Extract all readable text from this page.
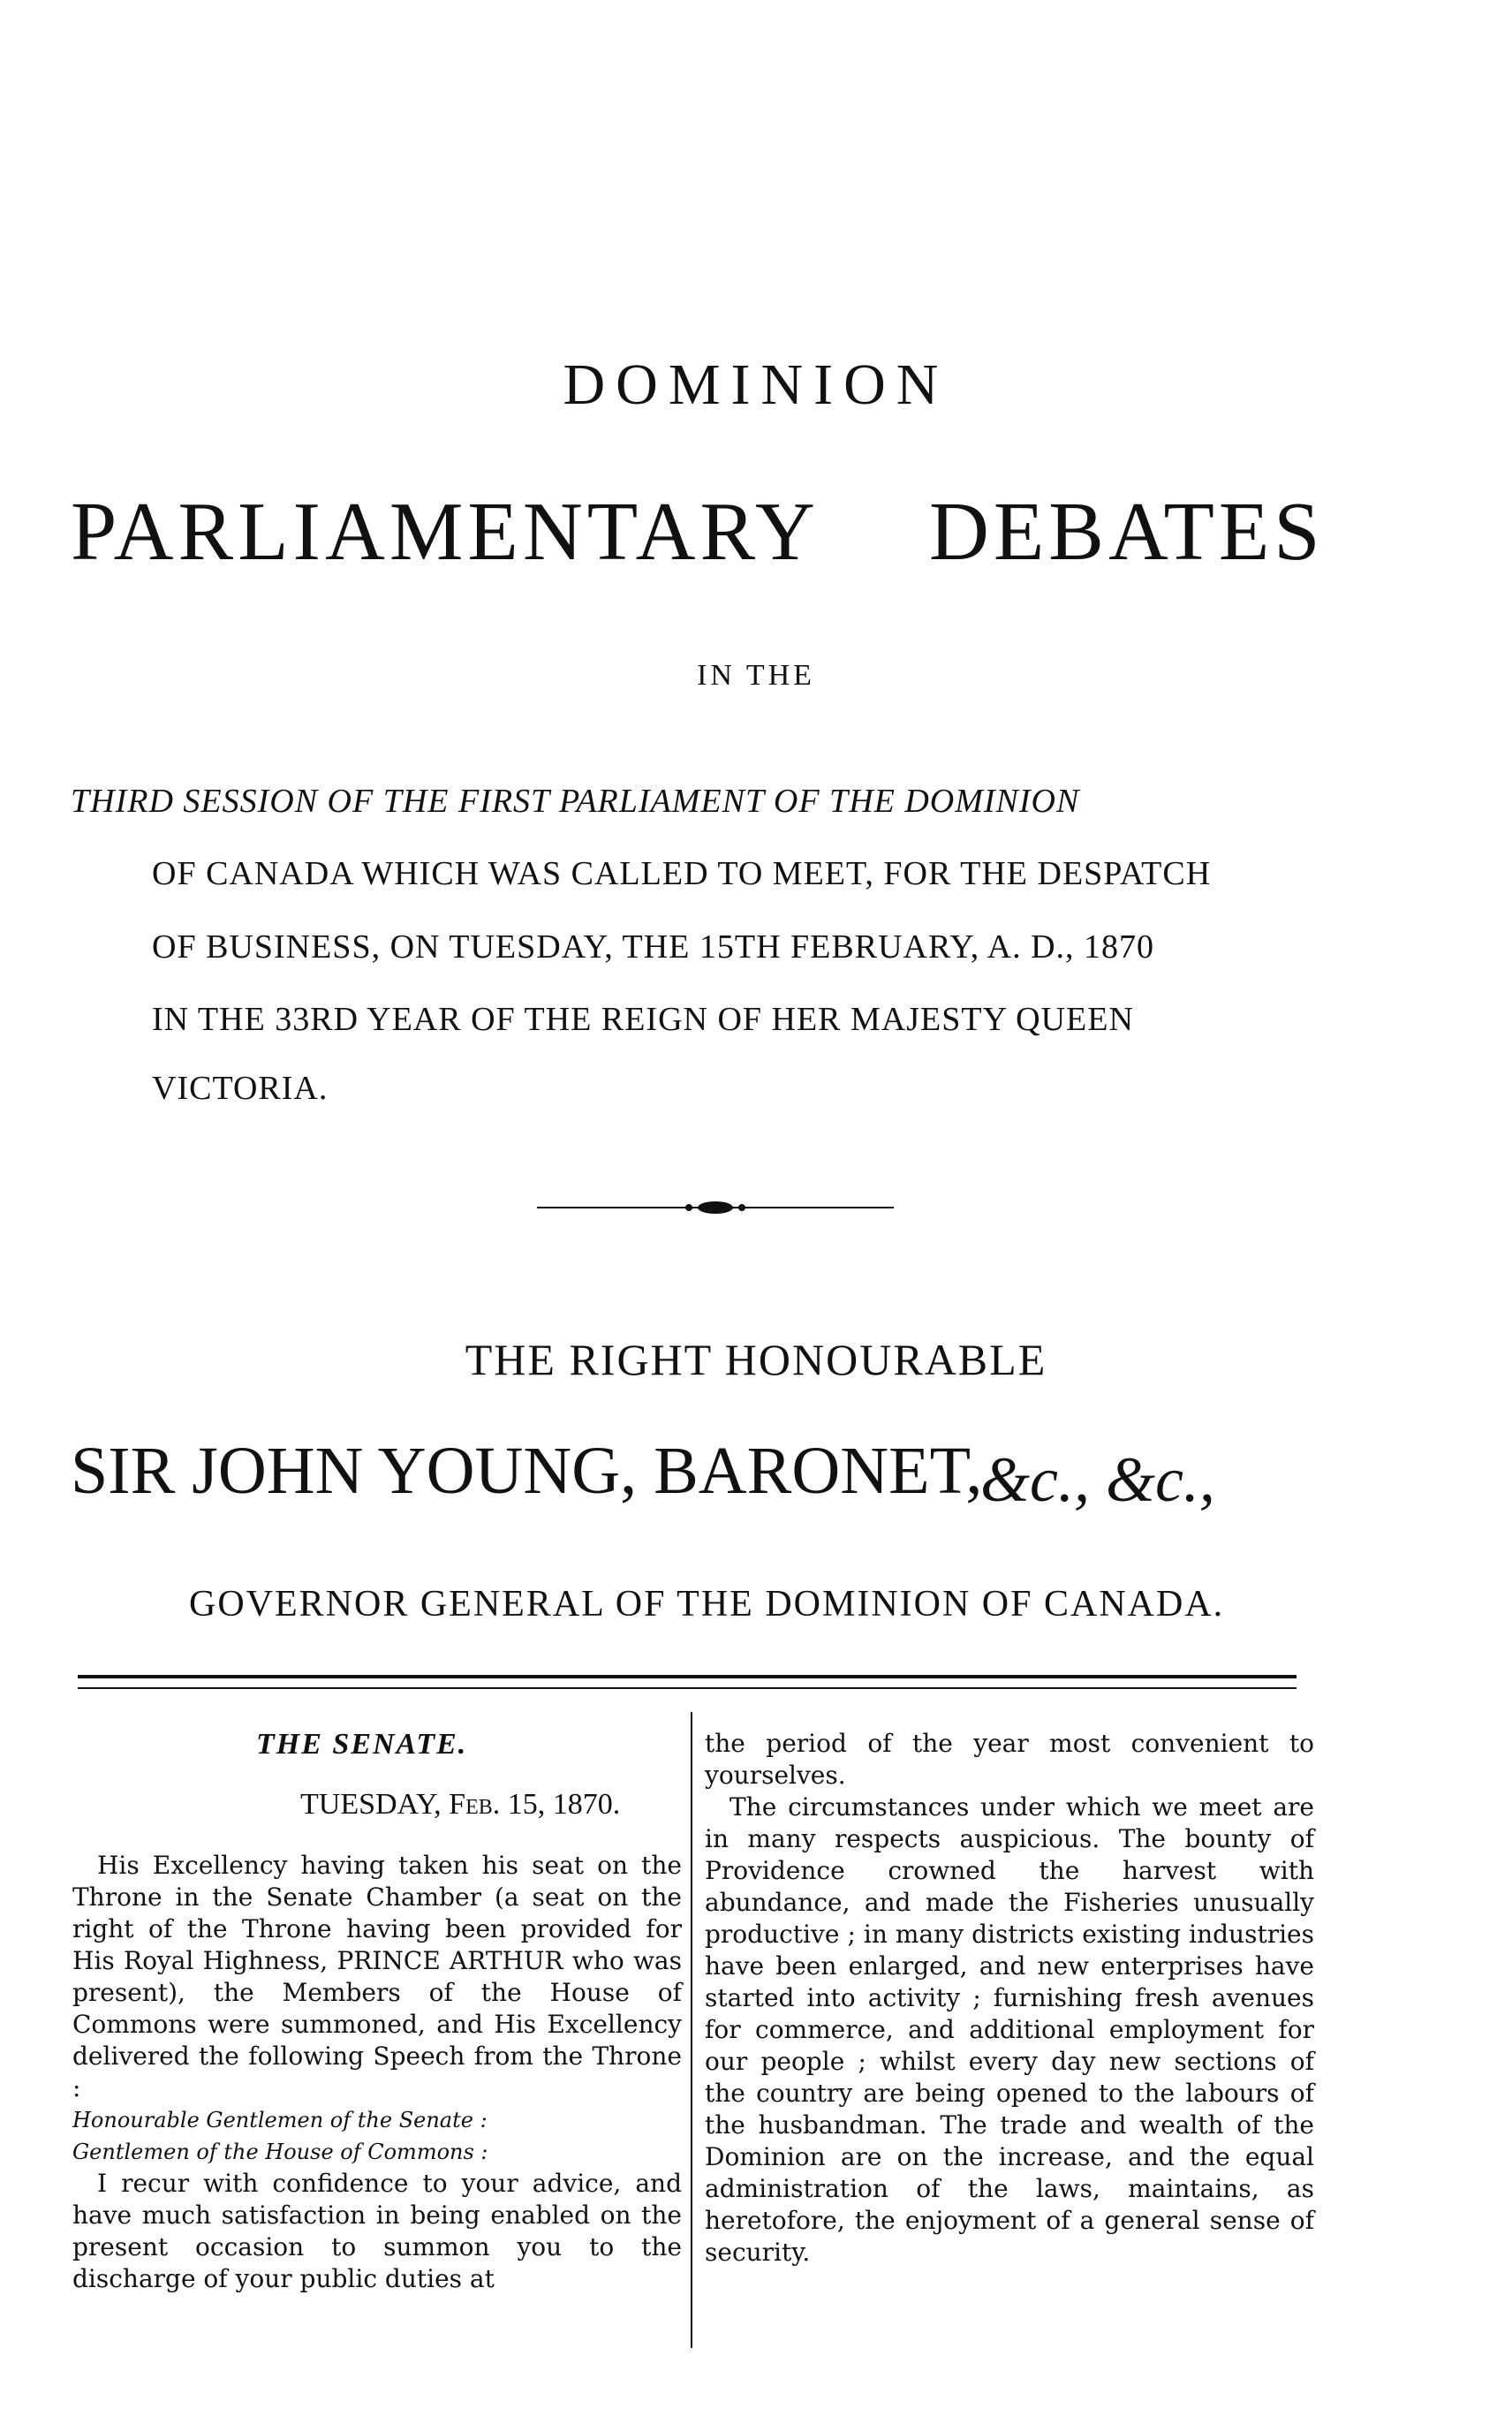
DOMINION
PARLIAMENTARY DEBATES
IN THE
THIRD SESSION OF THE FIRST PARLIAMENT OF THE DOMINION
OF CANADA WHICH WAS CALLED TO MEET, FOR THE DESPATCH
OF BUSINESS, ON TUESDAY, THE 15TH FEBRUARY, A. D., 1870
IN THE 33RD YEAR OF THE REIGN OF HER MAJESTY QUEEN
VICTORIA.
THE RIGHT HONOURABLE
SIR JOHN YOUNG, BARONET,
&c., &c.,
GOVERNOR GENERAL OF THE DOMINION OF CANADA.
THE SENATE.
TUESDAY, Feb. 15, 1870.

His Excellency having taken his seat on the Throne in the Senate Chamber (a seat on the right of the Throne having been provided for His Royal Highness, PRINCE ARTHUR who was present), the Members of the House of Commons were summoned, and His Excellency delivered the following Speech from the Throne :

Honourable Gentlemen of the Senate :

Gentlemen of the House of Commons :

I recur with confidence to your advice, and have much satisfaction in being enabled on the present occasion to summon you to the discharge of your public duties at

the period of the year most convenient to yourselves.

The circumstances under which we meet are in many respects auspicious. The bounty of Providence crowned the harvest with abundance, and made the Fisheries unusually productive ; in many districts existing industries have been enlarged, and new enterprises have started into activity ; furnishing fresh avenues for commerce, and additional employment for our people ; whilst every day new sections of the country are being opened to the labours of the husbandman. The trade and wealth of the Dominion are on the increase, and the equal administration of the laws, maintains, as heretofore, the enjoyment of a general sense of security.
